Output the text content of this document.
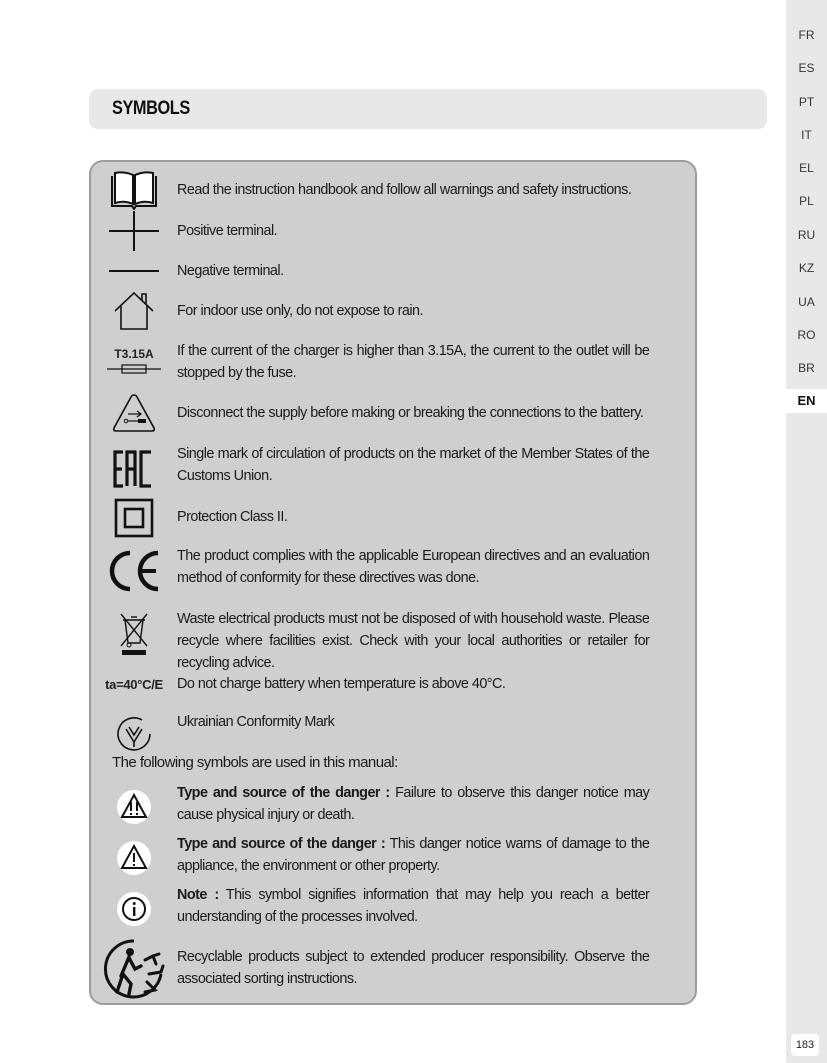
FR
ES
PT
IT
EL
PL
RU
KZ
UA
RO
BR
EN
183
SYMBOLS
Read the instruction handbook and follow all warnings and safety instructions.
Positive terminal.
Negative terminal.
For indoor use only, do not expose to rain.
T3.15A If the current of the charger is higher than 3.15A, the current to the outlet will be stopped by the fuse.
Disconnect the supply before making or breaking the connections to the battery.
Single mark of circulation of products on the market of the Member States of the Customs Union.
Protection Class II.
The product complies with the applicable European directives and an evaluation method of conformity for these directives was done.
Waste electrical products must not be disposed of with household waste. Please recycle where facilities exist. Check with your local authorities or retailer for recycling advice.
ta=40°C/E Do not charge battery when temperature is above 40°C.
Ukrainian Conformity Mark
The following symbols are used in this manual:
Type and source of the danger : Failure to observe this danger notice may cause physical injury or death.
Type and source of the danger : This danger notice warns of damage to the appliance, the environment or other property.
Note : This symbol signifies information that may help you reach a better understanding of the processes involved.
Recyclable products subject to extended producer responsibility. Observe the associated sorting instructions.
